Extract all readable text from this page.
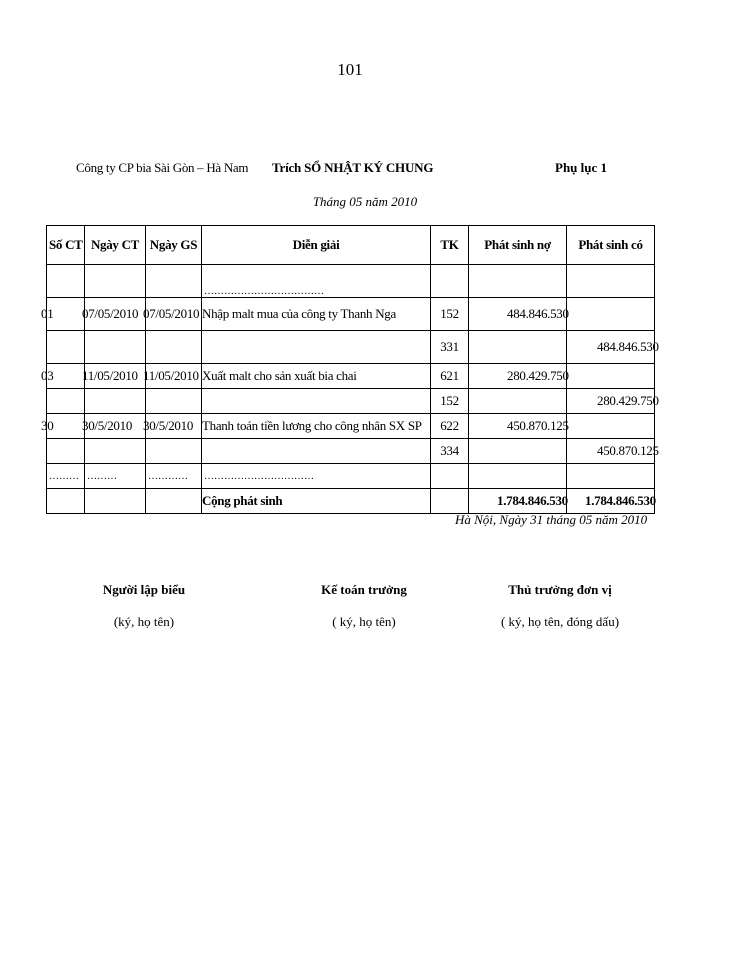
101
Công ty CP bia Sài Gòn – Hà Nam Trích SỔ NHẬT KÝ CHUNG	Phụ lục 1
Tháng 05 năm 2010
Số CT	Ngày CT	Ngày GS	Diễn giải	TK	Phát sinh nợ	Phát sinh có
			………………………………			
01	07/05/2010	07/05/2010	Nhập malt mua của công ty Thanh Nga	152	484.846.530	
				331		484.846.530
03	11/05/2010	11/05/2010	Xuất malt cho sản xuất bia chai	621	280.429.750	
				152		280.429.750
30	30/5/2010	30/5/2010	Thanh toán tiền lương cho công nhân SX SP	622	450.870.125	
				334		450.870.125
………	………	…………	……………………………			
			Cộng phát sinh		1.784.846.530	1.784.846.530
Hà Nội, Ngày 31 tháng 05 năm 2010
Người lập biểu
(ký, họ tên)
Kế toán trưởng
( ký, họ tên)
Thủ trưởng đơn vị
( ký, họ tên, đóng dấu)
